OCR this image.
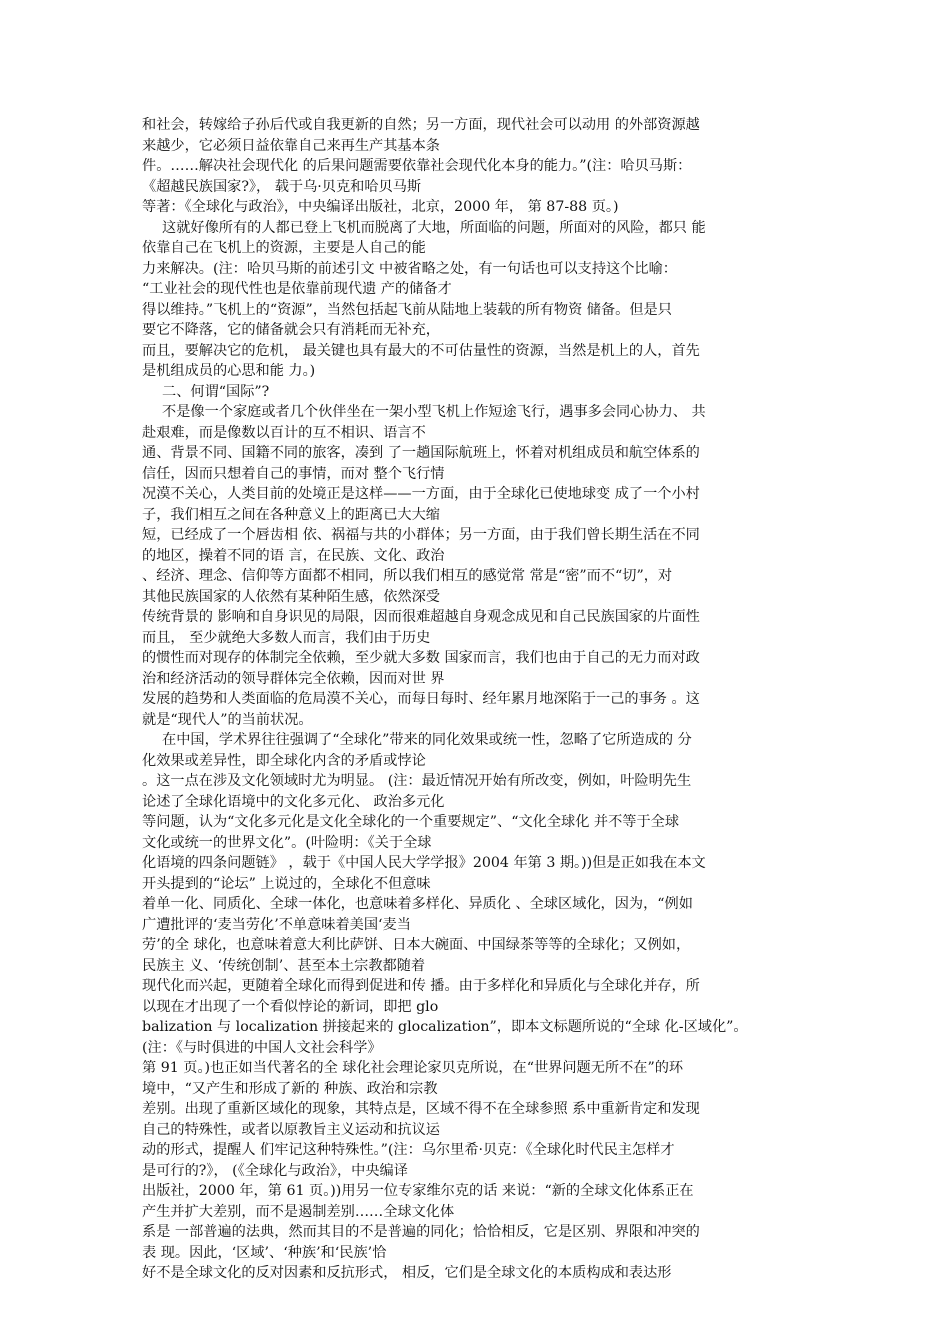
和社会，转嫁给子孙后代或自我更新的自然；另一方面，现代社会可以动用 的外部资源越
来越少，它必须日益依靠自己来再生产其基本条
件。……解决社会现代化 的后果问题需要依靠社会现代化本身的能力。”(注：哈贝马斯：
《超越民族国家?》， 载于乌·贝克和哈贝马斯
等著：《全球化与政治》，中央编译出版社，北京，2000 年， 第 87-88 页。)
这就好像所有的人都已登上飞机而脱离了大地，所面临的问题，所面对的风险，都只 能
依靠自己在飞机上的资源，主要是人自己的能
力来解决。(注：哈贝马斯的前述引文 中被省略之处，有一句话也可以支持这个比喻：
“工业社会的现代性也是依靠前现代遗 产的储备才
得以维持。”飞机上的“资源”，当然包括起飞前从陆地上装载的所有物资 储备。但是只
要它不降落，它的储备就会只有消耗而无补充，
而且，要解决它的危机， 最关键也具有最大的不可估量性的资源，当然是机上的人，首先
是机组成员的心思和能 力。)
二、何谓“国际”?
不是像一个家庭或者几个伙伴坐在一架小型飞机上作短途飞行，遇事多会同心协力、 共
赴艰难，而是像数以百计的互不相识、语言不
通、背景不同、国籍不同的旅客，凑到 了一趟国际航班上，怀着对机组成员和航空体系的
信任，因而只想着自己的事情，而对 整个飞行情
况漠不关心，人类目前的处境正是这样——一方面，由于全球化已使地球变 成了一个小村
子，我们相互之间在各种意义上的距离已大大缩
短，已经成了一个唇齿相 依、祸福与共的小群体；另一方面，由于我们曾长期生活在不同
的地区，操着不同的语 言，在民族、文化、政治
、经济、理念、信仰等方面都不相同，所以我们相互的感觉常 常是“密”而不“切”，对
其他民族国家的人依然有某种陌生感，依然深受
传统背景的 影响和自身识见的局限，因而很难超越自身观念成见和自己民族国家的片面性
而且， 至少就绝大多数人而言，我们由于历史
的惯性而对现存的体制完全依赖，至少就大多数 国家而言，我们也由于自己的无力而对政
治和经济活动的领导群体完全依赖，因而对世 界
发展的趋势和人类面临的危局漠不关心，而每日每时、经年累月地深陷于一己的事务 。这
就是“现代人”的当前状况。
在中国，学术界往往强调了“全球化”带来的同化效果或统一性，忽略了它所造成的 分
化效果或差异性，即全球化内含的矛盾或悖论
。这一点在涉及文化领域时尤为明显。 (注：最近情况开始有所改变，例如，叶险明先生
论述了全球化语境中的文化多元化、 政治多元化
等问题，认为“文化多元化是文化全球化的一个重要规定”、“文化全球化 并不等于全球
文化或统一的世界文化”。(叶险明：《关于全球
化语境的四条问题链》 ，载于《中国人民大学学报》2004 年第 3 期。))但是正如我在本文
开头提到的“论坛” 上说过的，全球化不但意味
着单一化、同质化、全球一体化，也意味着多样化、异质化 、全球区域化，因为，“例如
广遭批评的‘麦当劳化’不单意味着美国‘麦当
劳’的全 球化，也意味着意大利比萨饼、日本大碗面、中国绿茶等等的全球化；又例如，
民族主 义、‘传统创制’、甚至本土宗教都随着
现代化而兴起，更随着全球化而得到促进和传 播。由于多样化和异质化与全球化并存，所
以现在才出现了一个看似悖论的新词，即把 glo
balization 与 localization 拼接起来的 glocalization”，即本文标题所说的“全球 化-区域化”。
(注：《与时俱进的中国人文社会科学》
第 91 页。)也正如当代著名的全 球化社会理论家贝克所说，在“世界问题无所不在”的环
境中，“又产生和形成了新的 种族、政治和宗教
差别。出现了重新区域化的现象，其特点是，区域不得不在全球参照 系中重新肯定和发现
自己的特殊性，或者以原教旨主义运动和抗议运
动的形式，提醒人 们牢记这种特殊性。”(注：乌尔里希·贝克：《全球化时代民主怎样才
是可行的?》， (《全球化与政治》，中央编译
出版社，2000 年，第 61 页。))用另一位专家维尔克的话 来说：“新的全球文化体系正在
产生并扩大差别，而不是遏制差别……全球文化体
系是 一部普遍的法典，然而其目的不是普遍的同化；恰恰相反，它是区别、界限和冲突的
表 现。因此，‘区域’、‘种族’和‘民族’恰
好不是全球文化的反对因素和反抗形式， 相反，它们是全球文化的本质构成和表达形
